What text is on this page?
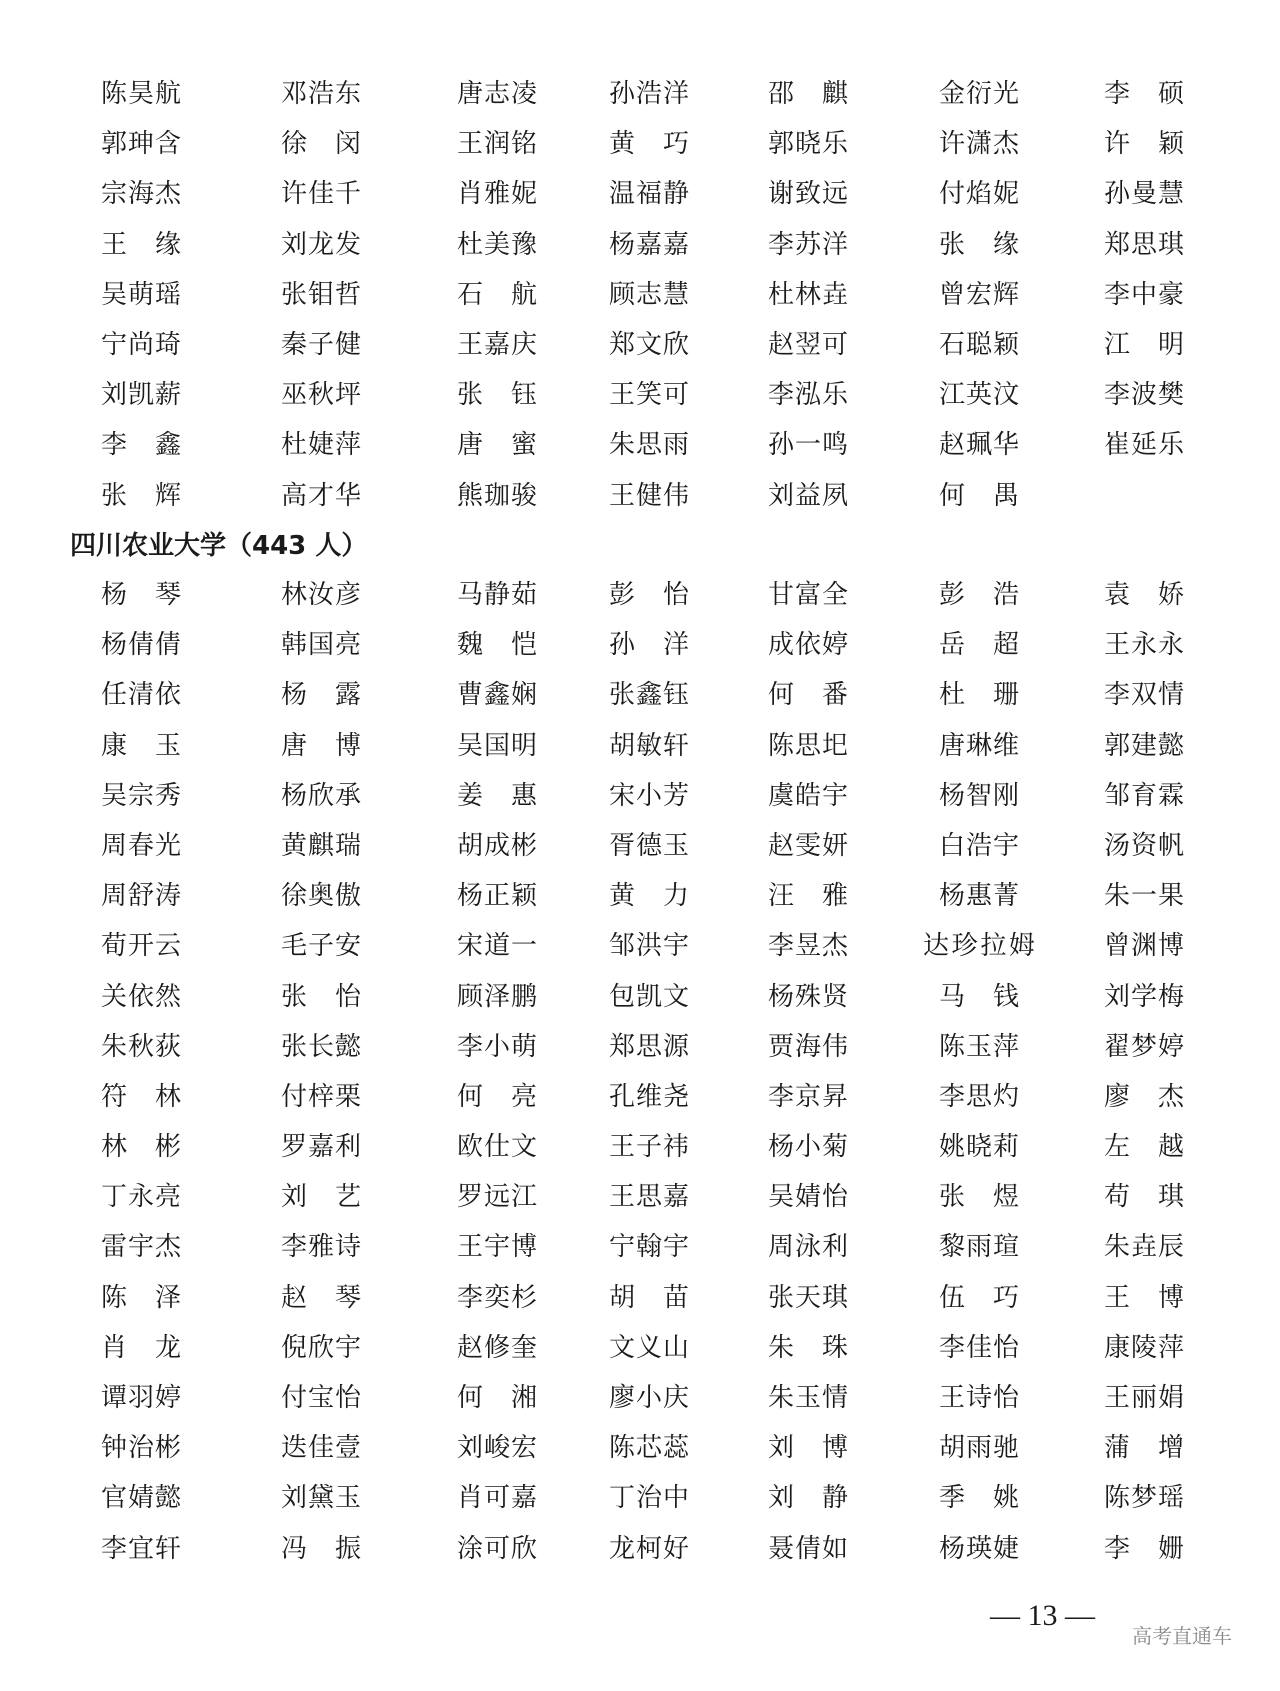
陈昊航	邓浩东	唐志凌	孙浩洋	邵麒	金衍光	李硕
郭珅含	徐闵	王润铭	黄巧	郭晓乐	许潇杰	许颖
宗海杰	许佳千	肖雅妮	温福静	谢致远	付焰妮	孙曼慧
王缘	刘龙发	杜美豫	杨嘉嘉	李苏洋	张缘	郑思琪
吴萌瑶	张钼哲	石航	顾志慧	杜林垚	曾宏辉	李中豪
宁尚琦	秦子健	王嘉庆	郑文欣	赵翌可	石聪颖	江明
刘凯薪	巫秋坪	张钰	王笑可	李泓乐	江英汶	李波樊
李鑫	杜婕萍	唐蜜	朱思雨	孙一鸣	赵珮华	崔延乐
张辉	高才华	熊珈骏	王健伟	刘益夙	何禺
四川农业大学（443 人）
杨琴	林汝彦	马静茹	彭怡	甘富全	彭浩	袁娇
杨倩倩	韩国亮	魏恺	孙洋	成依婷	岳超	王永永
任清依	杨露	曹鑫娴	张鑫钰	何番	杜珊	李双情
康玉	唐博	吴国明	胡敏轩	陈思圯	唐琳维	郭建懿
吴宗秀	杨欣承	姜惠	宋小芳	虞皓宇	杨智刚	邹育霖
周春光	黄麒瑞	胡成彬	胥德玉	赵雯妍	白浩宇	汤资帆
周舒涛	徐奥傲	杨正颖	黄力	汪雅	杨惠菁	朱一果
荀开云	毛子安	宋道一	邹洪宇	李昱杰	达珍拉姆	曾渊博
关依然	张怡	顾泽鹏	包凯文	杨殊贤	马钱	刘学梅
朱秋荻	张长懿	李小萌	郑思源	贾海伟	陈玉萍	翟梦婷
符林	付梓栗	何亮	孔维尧	李京昇	李思灼	廖杰
林彬	罗嘉利	欧仕文	王子祎	杨小菊	姚晓莉	左越
丁永亮	刘艺	罗远江	王思嘉	吴婧怡	张煜	苟琪
雷宇杰	李雅诗	王宇博	宁翰宇	周泳利	黎雨瑄	朱垚辰
陈泽	赵琴	李奕杉	胡苗	张天琪	伍巧	王博
肖龙	倪欣宇	赵修奎	文义山	朱珠	李佳怡	康陵萍
谭羽婷	付宝怡	何湘	廖小庆	朱玉情	王诗怡	王丽娟
钟治彬	迭佳壹	刘峻宏	陈芯蕊	刘博	胡雨驰	蒲增
官婧懿	刘黛玉	肖可嘉	丁治中	刘静	季姚	陈梦瑶
李宜轩	冯振	涂可欣	龙柯好	聂倩如	杨瑛婕	李姗
— 13 —
高考直通车
